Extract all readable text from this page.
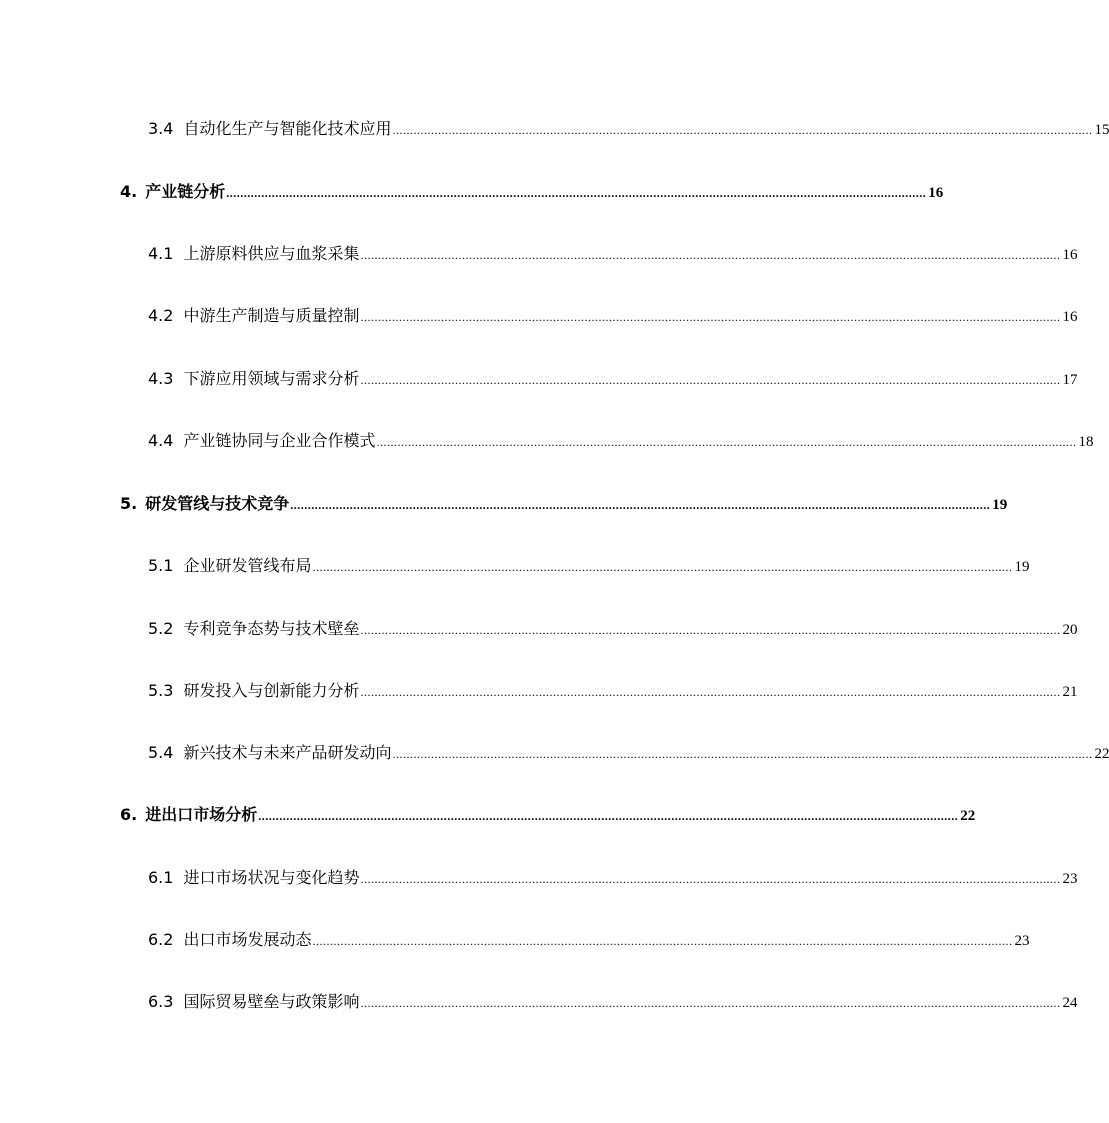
3.4 自动化生产与智能化技术应用 ........................................................................................................................................................................................................ 15
4. 产业链分析 ........................................................................................................................................................................................................ 16
4.1 上游原料供应与血浆采集 ........................................................................................................................................................................................................ 16
4.2 中游生产制造与质量控制 ........................................................................................................................................................................................................ 16
4.3 下游应用领域与需求分析 ........................................................................................................................................................................................................ 17
4.4 产业链协同与企业合作模式 ........................................................................................................................................................................................................ 18
5. 研发管线与技术竞争 ........................................................................................................................................................................................................ 19
5.1 企业研发管线布局 ........................................................................................................................................................................................................ 19
5.2 专利竞争态势与技术壁垒 ........................................................................................................................................................................................................ 20
5.3 研发投入与创新能力分析 ........................................................................................................................................................................................................ 21
5.4 新兴技术与未来产品研发动向 ........................................................................................................................................................................................................ 22
6. 进出口市场分析 ........................................................................................................................................................................................................ 22
6.1 进口市场状况与变化趋势 ........................................................................................................................................................................................................ 23
6.2 出口市场发展动态 ........................................................................................................................................................................................................ 23
6.3 国际贸易壁垒与政策影响 ........................................................................................................................................................................................................ 24
